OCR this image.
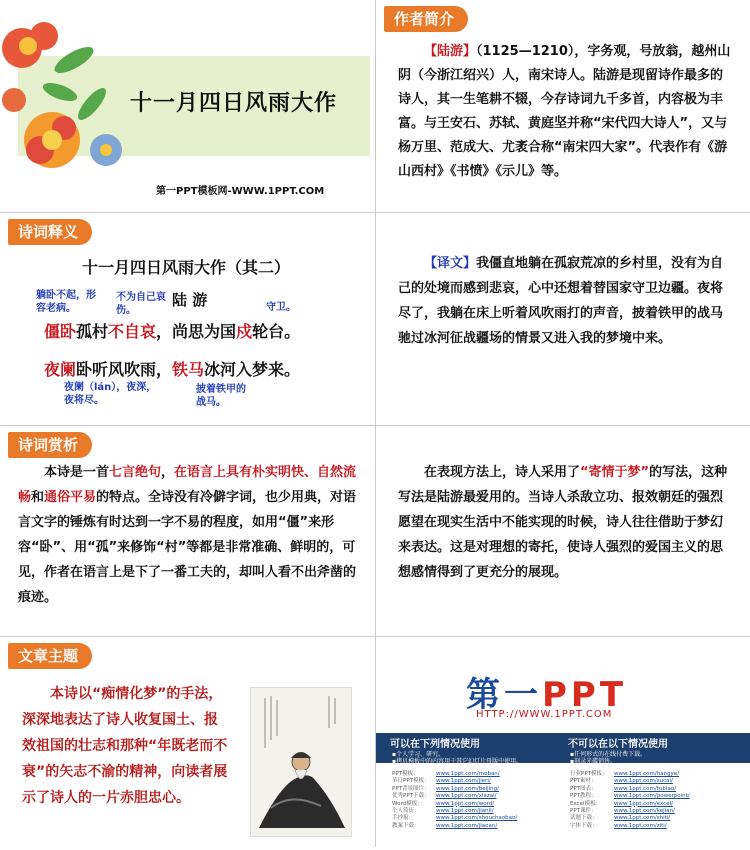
十一月四日风雨大作
第一PPT模板网-WWW.1PPT.COM
作者简介
【陆游】（1125—1210），字务观，号放翁，越州山阴（今浙江绍兴）人，南宋诗人。陆游是现留诗作最多的诗人，其一生笔耕不辍，今存诗词九千多首，内容极为丰富。与王安石、苏轼、黄庭坚并称“宋代四大诗人”，又与杨万里、范成大、尤袤合称“南宋四大家”。代表作有《游山西村》《书愤》《示儿》等。
诗词释义
十一月四日风雨大作（其二）
陆 游
躺卧不起，形容老病。
不为自己哀伤。	守卫。
僵卧孤村不自哀，尚思为国戍轮台。
夜阑卧听风吹雨，铁马冰河入梦来。
夜阑（lán），夜深，夜将尽。
披着铁甲的战马。
【译文】我僵直地躺在孤寂荒凉的乡村里，没有为自己的处境而感到悲哀，心中还想着替国家守卫边疆。夜将尽了，我躺在床上听着风吹雨打的声音，披着铁甲的战马驰过冰河征战疆场的情景又进入我的梦境中来。
诗词赏析
本诗是一首七言绝句，在语言上具有朴实明快、自然流畅和通俗平易的特点。全诗没有冷僻字词，也少用典，对语言文字的锤炼有时达到一字不易的程度，如用“僵”来形容“卧”、用“孤”来修饰“村”等都是非常准确、鲜明的，可见，作者在语言上是下了一番工夫的，却叫人看不出斧凿的痕迹。
在表现方法上，诗人采用了“寄情于梦”的写法，这种写法是陆游最爱用的。当诗人杀敌立功、报效朝廷的强烈愿望在现实生活中不能实现的时候，诗人往往借助于梦幻来表达。这是对理想的寄托，使诗人强烈的爱国主义的思想感情得到了更充分的展现。
文章主题
本诗以“痴情化梦”的手法，深深地表达了诗人收复国土、报效祖国的壮志和那种“年既老而不衰”的矢志不渝的精神，向读者展示了诗人的一片赤胆忠心。
第一PPT
HTTP://WWW.1PPT.COM
可以在下列情况使用	不可以在以下情况使用
▪个人学习、研究。
▪拷贝模板中的内容用于其它幻灯片母版中使用。
▪任何形式的在线付费下载。
▪刻录光碟销售。
PPT模板：	www.1ppt.com/moban/
节日PPT模板： www.1ppt.com/jieri/
PPT背景图片： www.1ppt.com/beijing/
优秀PPT下载： www.1ppt.com/xiazai/
Word模板： www.1ppt.com/word/
个人简历：	www.1ppt.com/jianli/
手抄报：	www.1ppt.com/shouchaobao/
教案下载：	www.1ppt.com/jiaoan/
行业PPT模板： www.1ppt.com/hangye/
PPT素材：	www.1ppt.com/sucai/
PPT图表：	www.1ppt.com/tubiao/
PPT教程：	www.1ppt.com/powerpoint/
Excel模板： www.1ppt.com/excel/
PPT课件：	www.1ppt.com/kejian/
试题下载：	www.1ppt.com/shiti/
字体下载：	www.1ppt.com/ziti/
